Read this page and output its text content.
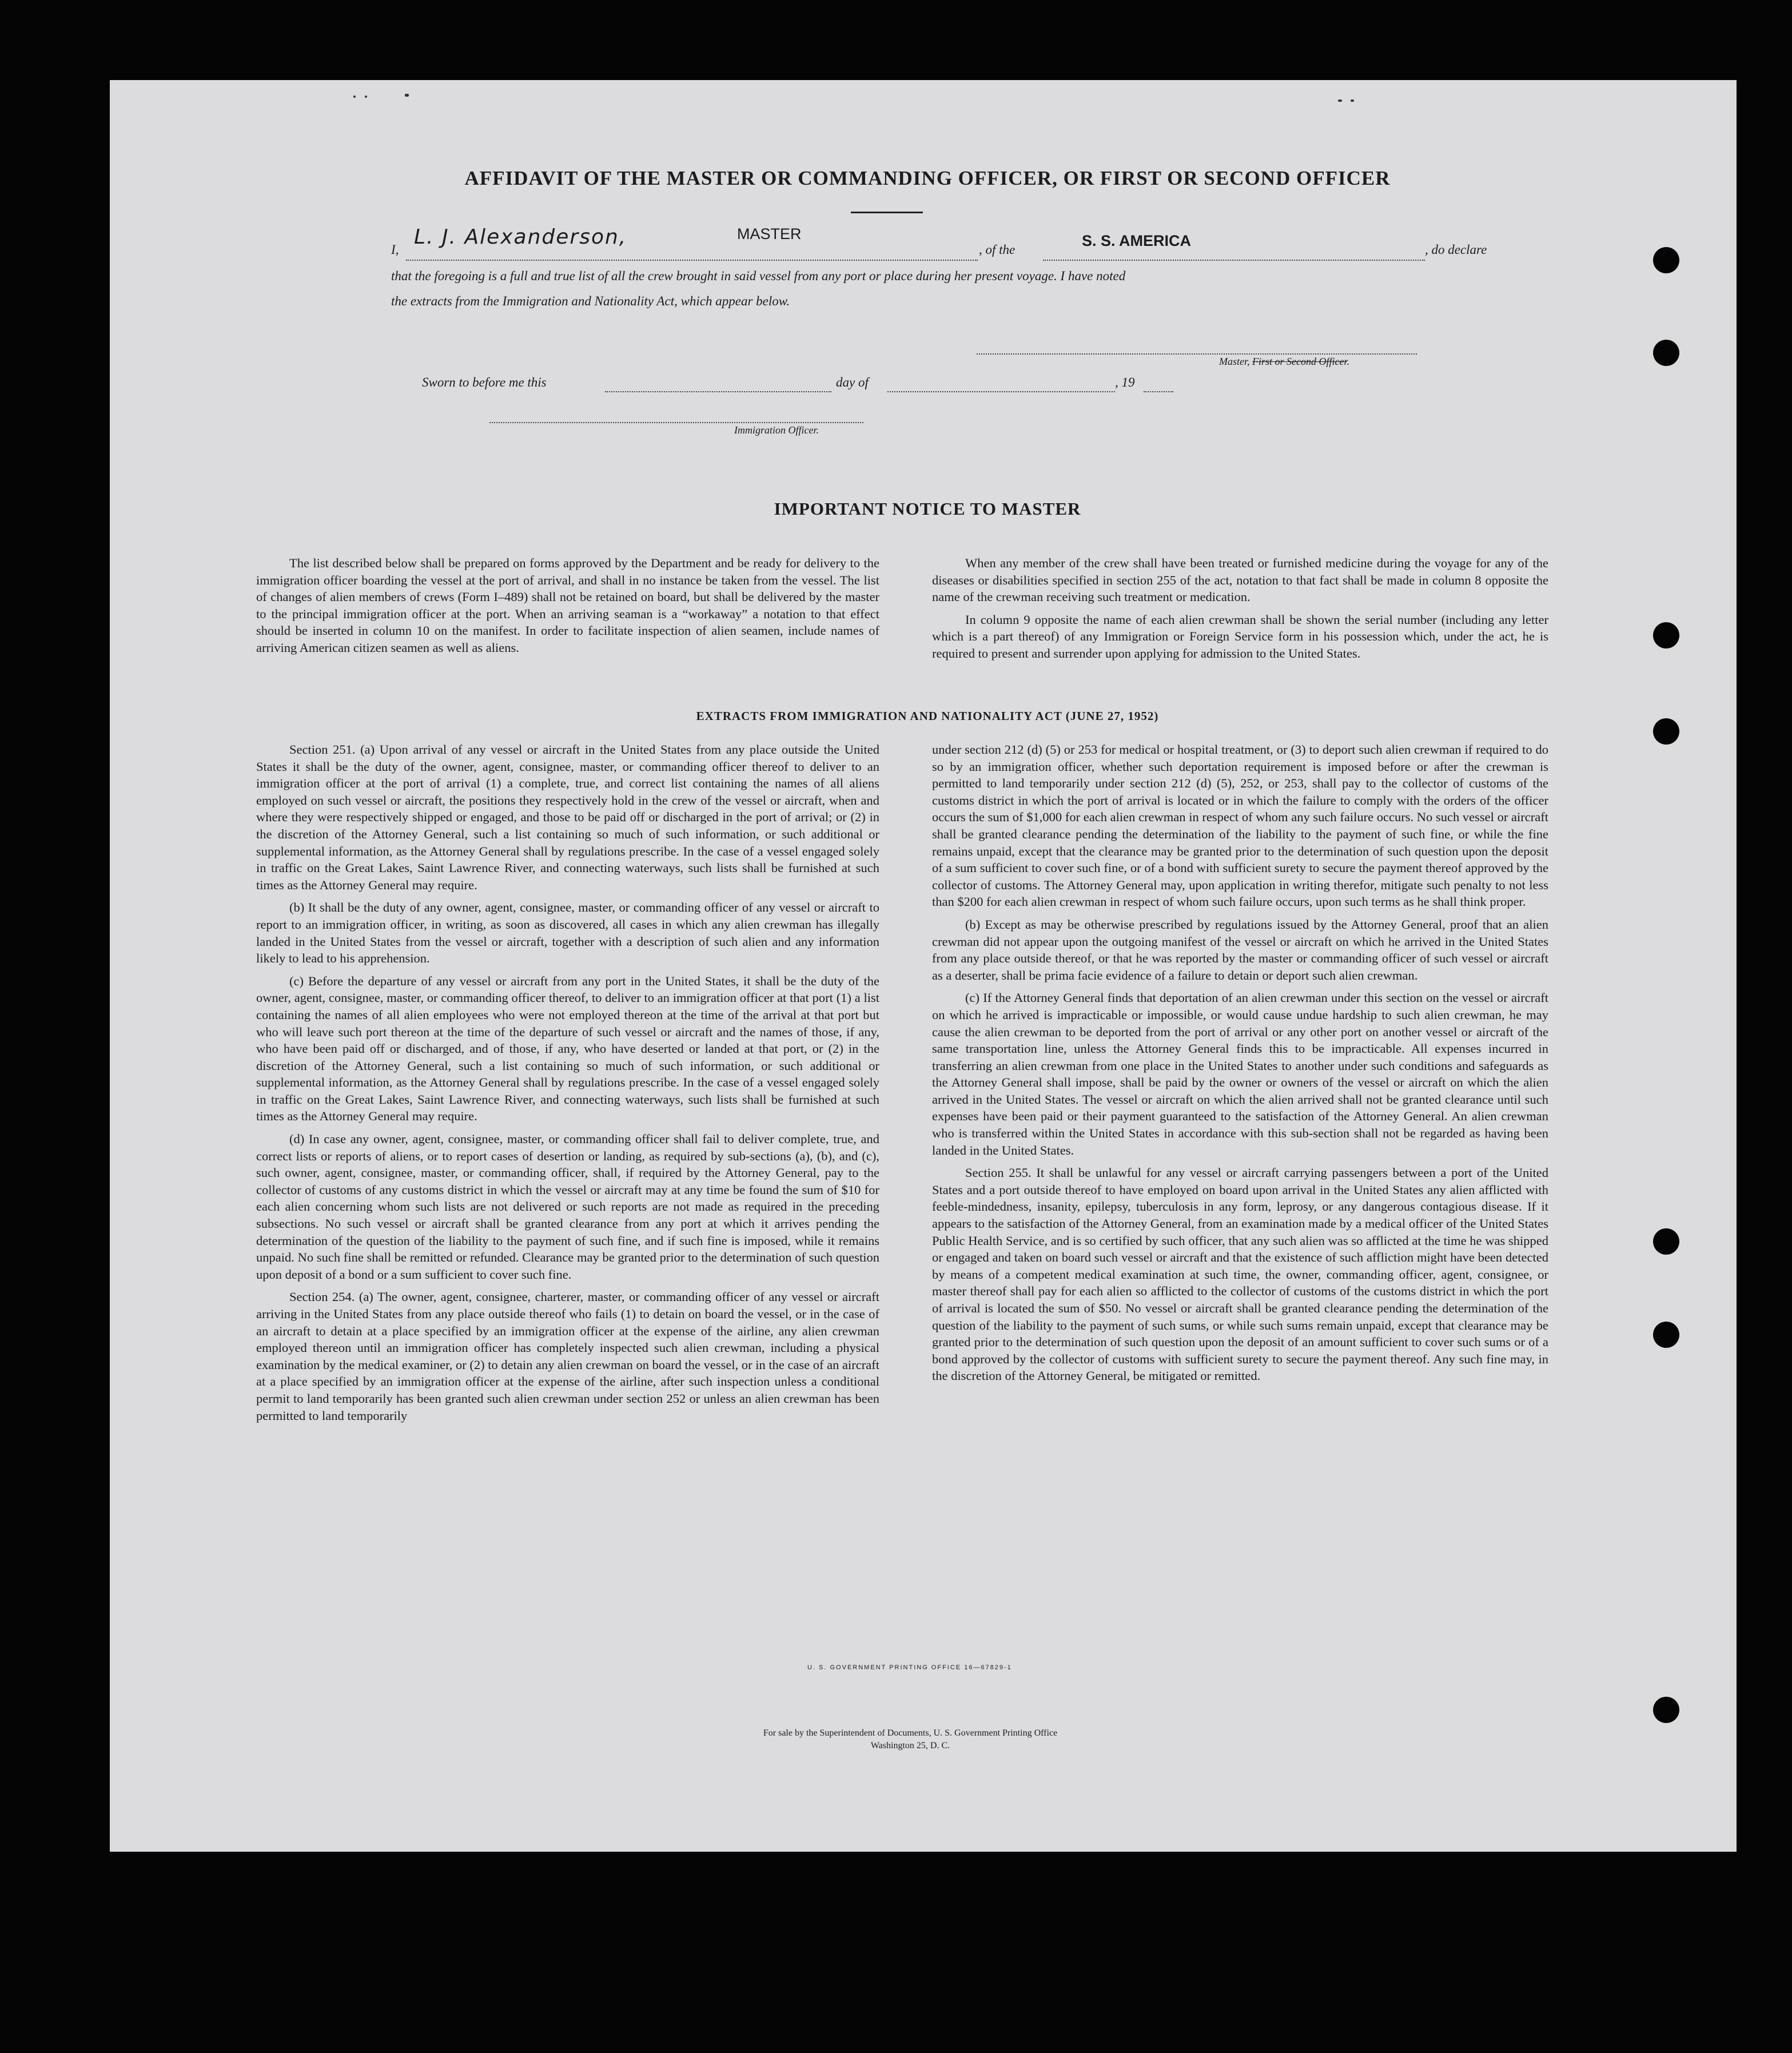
AFFIDAVIT OF THE MASTER OR COMMANDING OFFICER, OR FIRST OR SECOND OFFICER
I,
L. J. Alexanderson,	MASTER
, of the
S. S. AMERICA
, do declare
that the foregoing is a full and true list of all the crew brought in said vessel from any port or place during her present voyage. I have noted
the extracts from the Immigration and Nationality Act, which appear below.
Master, First or Second Officer.
Sworn to before me this	day of	, 19
Immigration Officer.
IMPORTANT NOTICE TO MASTER

The list described below shall be prepared on forms approved by the Department and be ready for delivery to the immigration officer boarding the vessel at the port of arrival, and shall in no instance be taken from the vessel. The list of changes of alien members of crews (Form I–489) shall not be retained on board, but shall be delivered by the master to the principal immigration officer at the port. When an arriving seaman is a “workaway” a notation to that effect should be inserted in column 10 on the manifest. In order to facilitate inspection of alien seamen, include names of arriving American citizen seamen as well as aliens.

When any member of the crew shall have been treated or furnished medicine during the voyage for any of the diseases or disabilities specified in section 255 of the act, notation to that fact shall be made in column 8 opposite the name of the crewman receiving such treatment or medication.

In column 9 opposite the name of each alien crewman shall be shown the serial number (including any letter which is a part thereof) of any Immigration or Foreign Service form in his possession which, under the act, he is required to present and surrender upon applying for admission to the United States.

EXTRACTS FROM IMMIGRATION AND NATIONALITY ACT (JUNE 27, 1952)

Section 251. (a) Upon arrival of any vessel or aircraft in the United States from any place outside the United States it shall be the duty of the owner, agent, consignee, master, or commanding officer thereof to deliver to an immigration officer at the port of arrival (1) a complete, true, and correct list containing the names of all aliens employed on such vessel or aircraft, the positions they respectively hold in the crew of the vessel or aircraft, when and where they were respectively shipped or engaged, and those to be paid off or discharged in the port of arrival; or (2) in the discretion of the Attorney General, such a list containing so much of such information, or such additional or supplemental information, as the Attorney General shall by regulations prescribe. In the case of a vessel engaged solely in traffic on the Great Lakes, Saint Lawrence River, and connecting waterways, such lists shall be furnished at such times as the Attorney General may require.

(b) It shall be the duty of any owner, agent, consignee, master, or commanding officer of any vessel or aircraft to report to an immigration officer, in writing, as soon as discovered, all cases in which any alien crewman has illegally landed in the United States from the vessel or aircraft, together with a description of such alien and any information likely to lead to his apprehension.

(c) Before the departure of any vessel or aircraft from any port in the United States, it shall be the duty of the owner, agent, consignee, master, or commanding officer thereof, to deliver to an immigration officer at that port (1) a list containing the names of all alien employees who were not employed thereon at the time of the arrival at that port but who will leave such port thereon at the time of the departure of such vessel or aircraft and the names of those, if any, who have been paid off or discharged, and of those, if any, who have deserted or landed at that port, or (2) in the discretion of the Attorney General, such a list containing so much of such information, or such additional or supplemental information, as the Attorney General shall by regulations prescribe. In the case of a vessel engaged solely in traffic on the Great Lakes, Saint Lawrence River, and connecting waterways, such lists shall be furnished at such times as the Attorney General may require.

(d) In case any owner, agent, consignee, master, or commanding officer shall fail to deliver complete, true, and correct lists or reports of aliens, or to report cases of desertion or landing, as required by sub-sections (a), (b), and (c), such owner, agent, consignee, master, or commanding officer, shall, if required by the Attorney General, pay to the collector of customs of any customs district in which the vessel or aircraft may at any time be found the sum of $10 for each alien concerning whom such lists are not delivered or such reports are not made as required in the preceding subsections. No such vessel or aircraft shall be granted clearance from any port at which it arrives pending the determination of the question of the liability to the payment of such fine, and if such fine is imposed, while it remains unpaid. No such fine shall be remitted or refunded. Clearance may be granted prior to the determination of such question upon deposit of a bond or a sum sufficient to cover such fine.

Section 254. (a) The owner, agent, consignee, charterer, master, or commanding officer of any vessel or aircraft arriving in the United States from any place outside thereof who fails (1) to detain on board the vessel, or in the case of an aircraft to detain at a place specified by an immigration officer at the expense of the airline, any alien crewman employed thereon until an immigration officer has completely inspected such alien crewman, including a physical examination by the medical examiner, or (2) to detain any alien crewman on board the vessel, or in the case of an aircraft at a place specified by an immigration officer at the expense of the airline, after such inspection unless a conditional permit to land temporarily has been granted such alien crewman under section 252 or unless an alien crewman has been permitted to land temporarily

under section 212 (d) (5) or 253 for medical or hospital treatment, or (3) to deport such alien crewman if required to do so by an immigration officer, whether such deportation requirement is imposed before or after the crewman is permitted to land temporarily under section 212 (d) (5), 252, or 253, shall pay to the collector of customs of the customs district in which the port of arrival is located or in which the failure to comply with the orders of the officer occurs the sum of $1,000 for each alien crewman in respect of whom any such failure occurs. No such vessel or aircraft shall be granted clearance pending the determination of the liability to the payment of such fine, or while the fine remains unpaid, except that the clearance may be granted prior to the determination of such question upon the deposit of a sum sufficient to cover such fine, or of a bond with sufficient surety to secure the payment thereof approved by the collector of customs. The Attorney General may, upon application in writing therefor, mitigate such penalty to not less than $200 for each alien crewman in respect of whom such failure occurs, upon such terms as he shall think proper.

(b) Except as may be otherwise prescribed by regulations issued by the Attorney General, proof that an alien crewman did not appear upon the outgoing manifest of the vessel or aircraft on which he arrived in the United States from any place outside thereof, or that he was reported by the master or commanding officer of such vessel or aircraft as a deserter, shall be prima facie evidence of a failure to detain or deport such alien crewman.

(c) If the Attorney General finds that deportation of an alien crewman under this section on the vessel or aircraft on which he arrived is impracticable or impossible, or would cause undue hardship to such alien crewman, he may cause the alien crewman to be deported from the port of arrival or any other port on another vessel or aircraft of the same transportation line, unless the Attorney General finds this to be impracticable. All expenses incurred in transferring an alien crewman from one place in the United States to another under such conditions and safeguards as the Attorney General shall impose, shall be paid by the owner or owners of the vessel or aircraft on which the alien arrived in the United States. The vessel or aircraft on which the alien arrived shall not be granted clearance until such expenses have been paid or their payment guaranteed to the satisfaction of the Attorney General. An alien crewman who is transferred within the United States in accordance with this sub-section shall not be regarded as having been landed in the United States.

Section 255. It shall be unlawful for any vessel or aircraft carrying passengers between a port of the United States and a port outside thereof to have employed on board upon arrival in the United States any alien afflicted with feeble-mindedness, insanity, epilepsy, tuberculosis in any form, leprosy, or any dangerous contagious disease. If it appears to the satisfaction of the Attorney General, from an examination made by a medical officer of the United States Public Health Service, and is so certified by such officer, that any such alien was so afflicted at the time he was shipped or engaged and taken on board such vessel or aircraft and that the existence of such affliction might have been detected by means of a competent medical examination at such time, the owner, commanding officer, agent, consignee, or master thereof shall pay for each alien so afflicted to the collector of customs of the customs district in which the port of arrival is located the sum of $50. No vessel or aircraft shall be granted clearance pending the determination of the question of the liability to the payment of such sums, or while such sums remain unpaid, except that clearance may be granted prior to the determination of such question upon the deposit of an amount sufficient to cover such sums or of a bond approved by the collector of customs with sufficient surety to secure the payment thereof. Any such fine may, in the discretion of the Attorney General, be mitigated or remitted.

U. S. GOVERNMENT PRINTING OFFICE 16—67829-1
For sale by the Superintendent of Documents, U. S. Government Printing Office
Washington 25, D. C.
